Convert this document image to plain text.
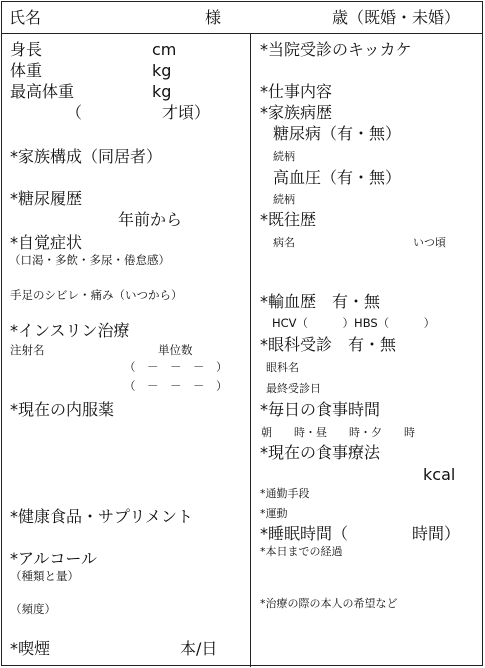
氏名	様	歳（既婚・未婚）
身長	cm
体重	kg
最高体重	kg
（　　　　　才頃）
*家族構成（同居者）
*糖尿履歴
年前から
*自覚症状
（口渇・多飲・多尿・倦怠感）
手足のシビレ・痛み（いつから）
*インスリン治療
注射名	単位数
（　－　－　－　）
（　－　－　－　）
*現在の内服薬
*健康食品・サプリメント
*アルコール
（種類と量）
（頻度）
*喫煙	本/日
*当院受診のキッカケ
*仕事内容
*家族病歴
糖尿病（有・無）
続柄
高血圧（有・無）
続柄
*既往歴
病名	いつ頃
*輸血歴　有・無
HCV（　　　）HBS（　　　）
*眼科受診　有・無
眼科名
最終受診日
*毎日の食事時間
朝　　時・昼　　時・夕　　時
*現在の食事療法
kcal
*通勤手段
*運動
*睡眠時間（　　　　時間）
*本日までの経過
*治療の際の本人の希望など
